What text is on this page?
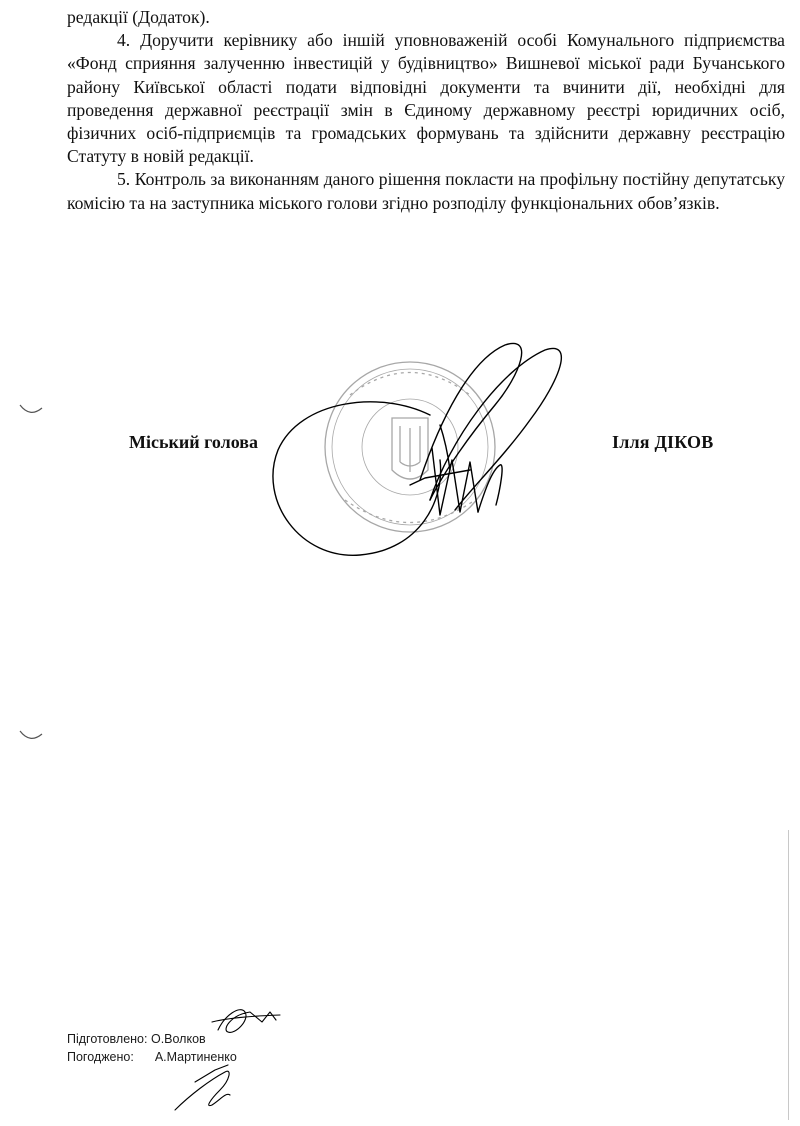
редакції (Додаток).

4. Доручити керівнику або іншій уповноваженій особі Комунального підприємства «Фонд сприяння залученню інвестицій у будівництво» Вишневої міської ради Бучанського району Київської області подати відповідні документи та вчинити дії, необхідні для проведення державної реєстрації змін в Єдиному державному реєстрі юридичних осіб, фізичних осіб-підприємців та громадських формувань та здійснити державну реєстрацію Статуту в новій редакції.

5. Контроль за виконанням даного рішення покласти на профільну постійну депутатську комісію та на заступника міського голови згідно розподілу функціональних обов’язків.

Міський голова	Ілля ДІКОВ
Підготовлено: О.Волков
Погоджено: А.Мартиненко
